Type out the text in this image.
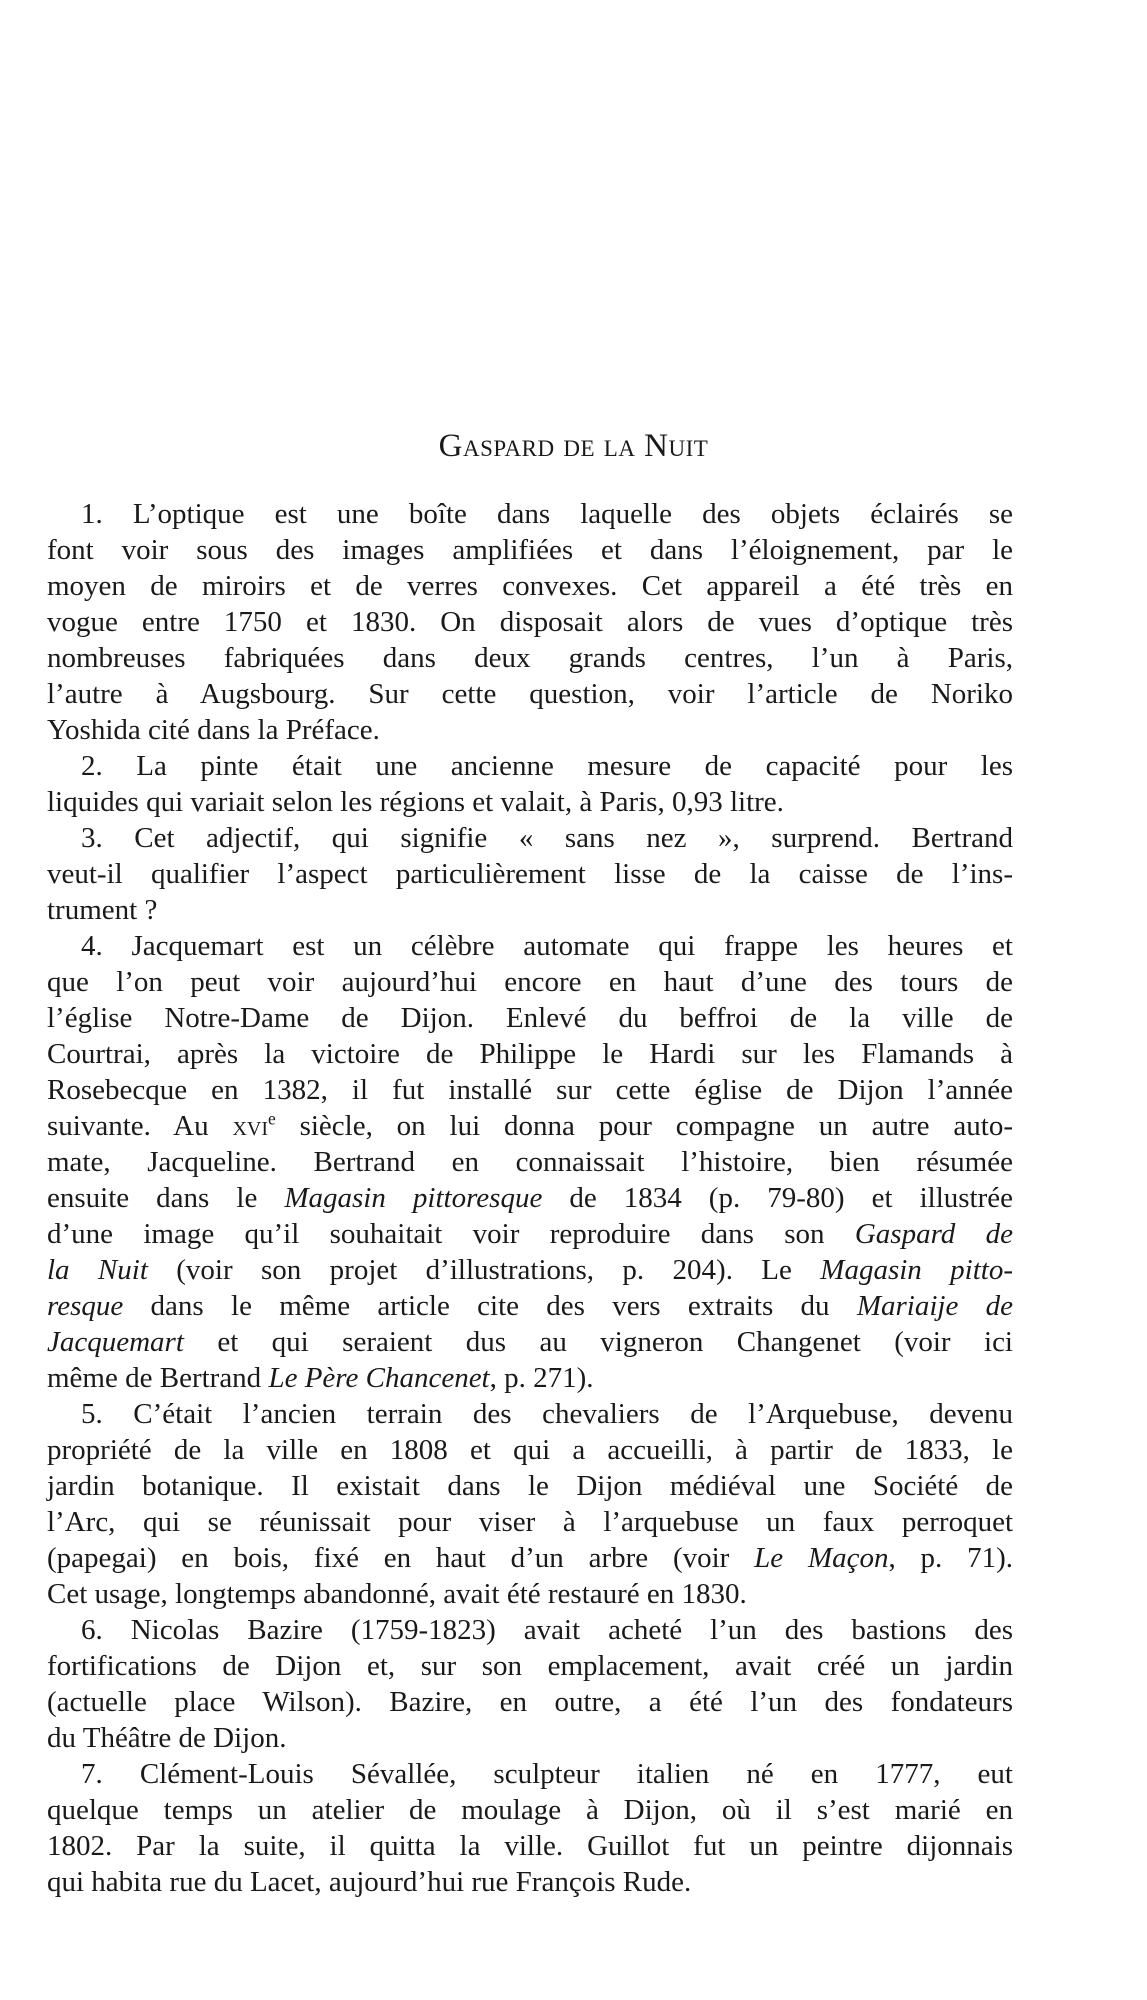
Gaspard de la Nuit
1. L’optique est une boîte dans laquelle des objets éclairés se
font voir sous des images amplifiées et dans l’éloignement, par le
moyen de miroirs et de verres convexes. Cet appareil a été très en
vogue entre 1750 et 1830. On disposait alors de vues d’optique très
nombreuses fabriquées dans deux grands centres, l’un à Paris,
l’autre à Augsbourg. Sur cette question, voir l’article de Noriko
Yoshida cité dans la Préface.
2. La pinte était une ancienne mesure de capacité pour les
liquides qui variait selon les régions et valait, à Paris, 0,93 litre.
3. Cet adjectif, qui signifie « sans nez », surprend. Bertrand
veut-il qualifier l’aspect particulièrement lisse de la caisse de l’ins-
trument ?
4. Jacquemart est un célèbre automate qui frappe les heures et
que l’on peut voir aujourd’hui encore en haut d’une des tours de
l’église Notre-Dame de Dijon. Enlevé du beffroi de la ville de
Courtrai, après la victoire de Philippe le Hardi sur les Flamands à
Rosebecque en 1382, il fut installé sur cette église de Dijon l’année
suivante. Au xvi$^e$ siècle, on lui donna pour compagne un autre auto-
mate, Jacqueline. Bertrand en connaissait l’histoire, bien résumée
ensuite dans le Magasin pittoresque de 1834 (p. 79-80) et illustrée
d’une image qu’il souhaitait voir reproduire dans son Gaspard de
la Nuit (voir son projet d’illustrations, p. 204). Le Magasin pitto-
resque dans le même article cite des vers extraits du Mariaije de
Jacquemart et qui seraient dus au vigneron Changenet (voir ici
même de Bertrand Le Père Chancenet, p. 271).
5. C’était l’ancien terrain des chevaliers de l’Arquebuse, devenu
propriété de la ville en 1808 et qui a accueilli, à partir de 1833, le
jardin botanique. Il existait dans le Dijon médiéval une Société de
l’Arc, qui se réunissait pour viser à l’arquebuse un faux perroquet
(papegai) en bois, fixé en haut d’un arbre (voir Le Maçon, p. 71).
Cet usage, longtemps abandonné, avait été restauré en 1830.
6. Nicolas Bazire (1759-1823) avait acheté l’un des bastions des
fortifications de Dijon et, sur son emplacement, avait créé un jardin
(actuelle place Wilson). Bazire, en outre, a été l’un des fondateurs
du Théâtre de Dijon.
7. Clément-Louis Sévallée, sculpteur italien né en 1777, eut
quelque temps un atelier de moulage à Dijon, où il s’est marié en
1802. Par la suite, il quitta la ville. Guillot fut un peintre dijonnais
qui habita rue du Lacet, aujourd’hui rue François Rude.
